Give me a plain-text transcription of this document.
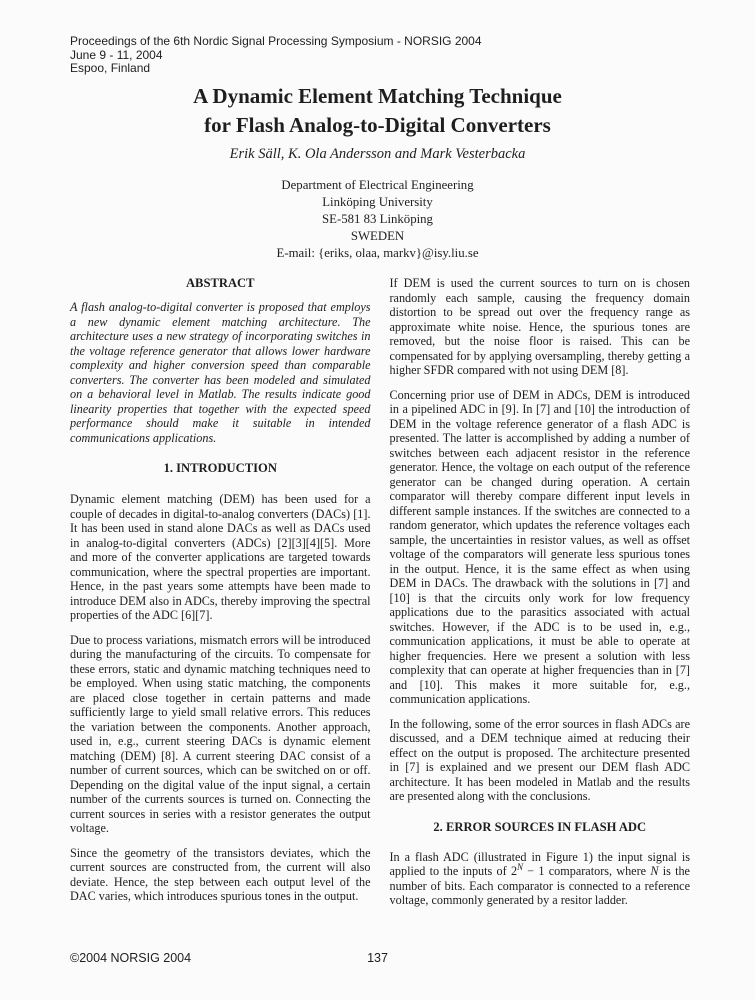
Proceedings of the 6th Nordic Signal Processing Symposium - NORSIG 2004
June 9 - 11, 2004
Espoo, Finland
A Dynamic Element Matching Technique
for Flash Analog-to-Digital Converters
Erik Säll, K. Ola Andersson and Mark Vesterbacka
Department of Electrical Engineering
Linköping University
SE-581 83 Linköping
SWEDEN
E-mail: {eriks, olaa, markv}@isy.liu.se
ABSTRACT

A flash analog-to-digital converter is proposed that employs a new dynamic element matching architecture. The architecture uses a new strategy of incorporating switches in the voltage reference generator that allows lower hardware complexity and higher conversion speed than comparable converters. The converter has been modeled and simulated on a behavioral level in Matlab. The results indicate good linearity properties that together with the expected speed performance should make it suitable in intended communications applications.

1. INTRODUCTION

Dynamic element matching (DEM) has been used for a couple of decades in digital-to-analog converters (DACs) [1]. It has been used in stand alone DACs as well as DACs used in analog-to-digital converters (ADCs) [2][3][4][5]. More and more of the converter applications are targeted towards communication, where the spectral properties are important. Hence, in the past years some attempts have been made to introduce DEM also in ADCs, thereby improving the spectral properties of the ADC [6][7].

Due to process variations, mismatch errors will be introduced during the manufacturing of the circuits. To compensate for these errors, static and dynamic matching techniques need to be employed. When using static matching, the components are placed close together in certain patterns and made sufficiently large to yield small relative errors. This reduces the variation between the components. Another approach, used in, e.g., current steering DACs is dynamic element matching (DEM) [8]. A current steering DAC consist of a number of current sources, which can be switched on or off. Depending on the digital value of the input signal, a certain number of the currents sources is turned on. Connecting the current sources in series with a resistor generates the output voltage.

Since the geometry of the transistors deviates, which the current sources are constructed from, the current will also deviate. Hence, the step between each output level of the DAC varies, which introduces spurious tones in the output.

If DEM is used the current sources to turn on is chosen randomly each sample, causing the frequency domain distortion to be spread out over the frequency range as approximate white noise. Hence, the spurious tones are removed, but the noise floor is raised. This can be compensated for by applying oversampling, thereby getting a higher SFDR compared with not using DEM [8].

Concerning prior use of DEM in ADCs, DEM is introduced in a pipelined ADC in [9]. In [7] and [10] the introduction of DEM in the voltage reference generator of a flash ADC is presented. The latter is accomplished by adding a number of switches between each adjacent resistor in the reference generator. Hence, the voltage on each output of the reference generator can be changed during operation. A certain comparator will thereby compare different input levels in different sample instances. If the switches are connected to a random generator, which updates the reference voltages each sample, the uncertainties in resistor values, as well as offset voltage of the comparators will generate less spurious tones in the output. Hence, it is the same effect as when using DEM in DACs. The drawback with the solutions in [7] and [10] is that the circuits only work for low frequency applications due to the parasitics associated with actual switches. However, if the ADC is to be used in, e.g., communication applications, it must be able to operate at higher frequencies. Here we present a solution with less complexity that can operate at higher frequencies than in [7] and [10]. This makes it more suitable for, e.g., communication applications.

In the following, some of the error sources in flash ADCs are discussed, and a DEM technique aimed at reducing their effect on the output is proposed. The architecture presented in [7] is explained and we present our DEM flash ADC architecture. It has been modeled in Matlab and the results are presented along with the conclusions.

2. ERROR SOURCES IN FLASH ADC

In a flash ADC (illustrated in Figure 1) the input signal is applied to the inputs of $2^N - 1$ comparators, where N is the number of bits. Each comparator is connected to a reference voltage, commonly generated by a resitor ladder.

©2004 NORSIG 2004	137
